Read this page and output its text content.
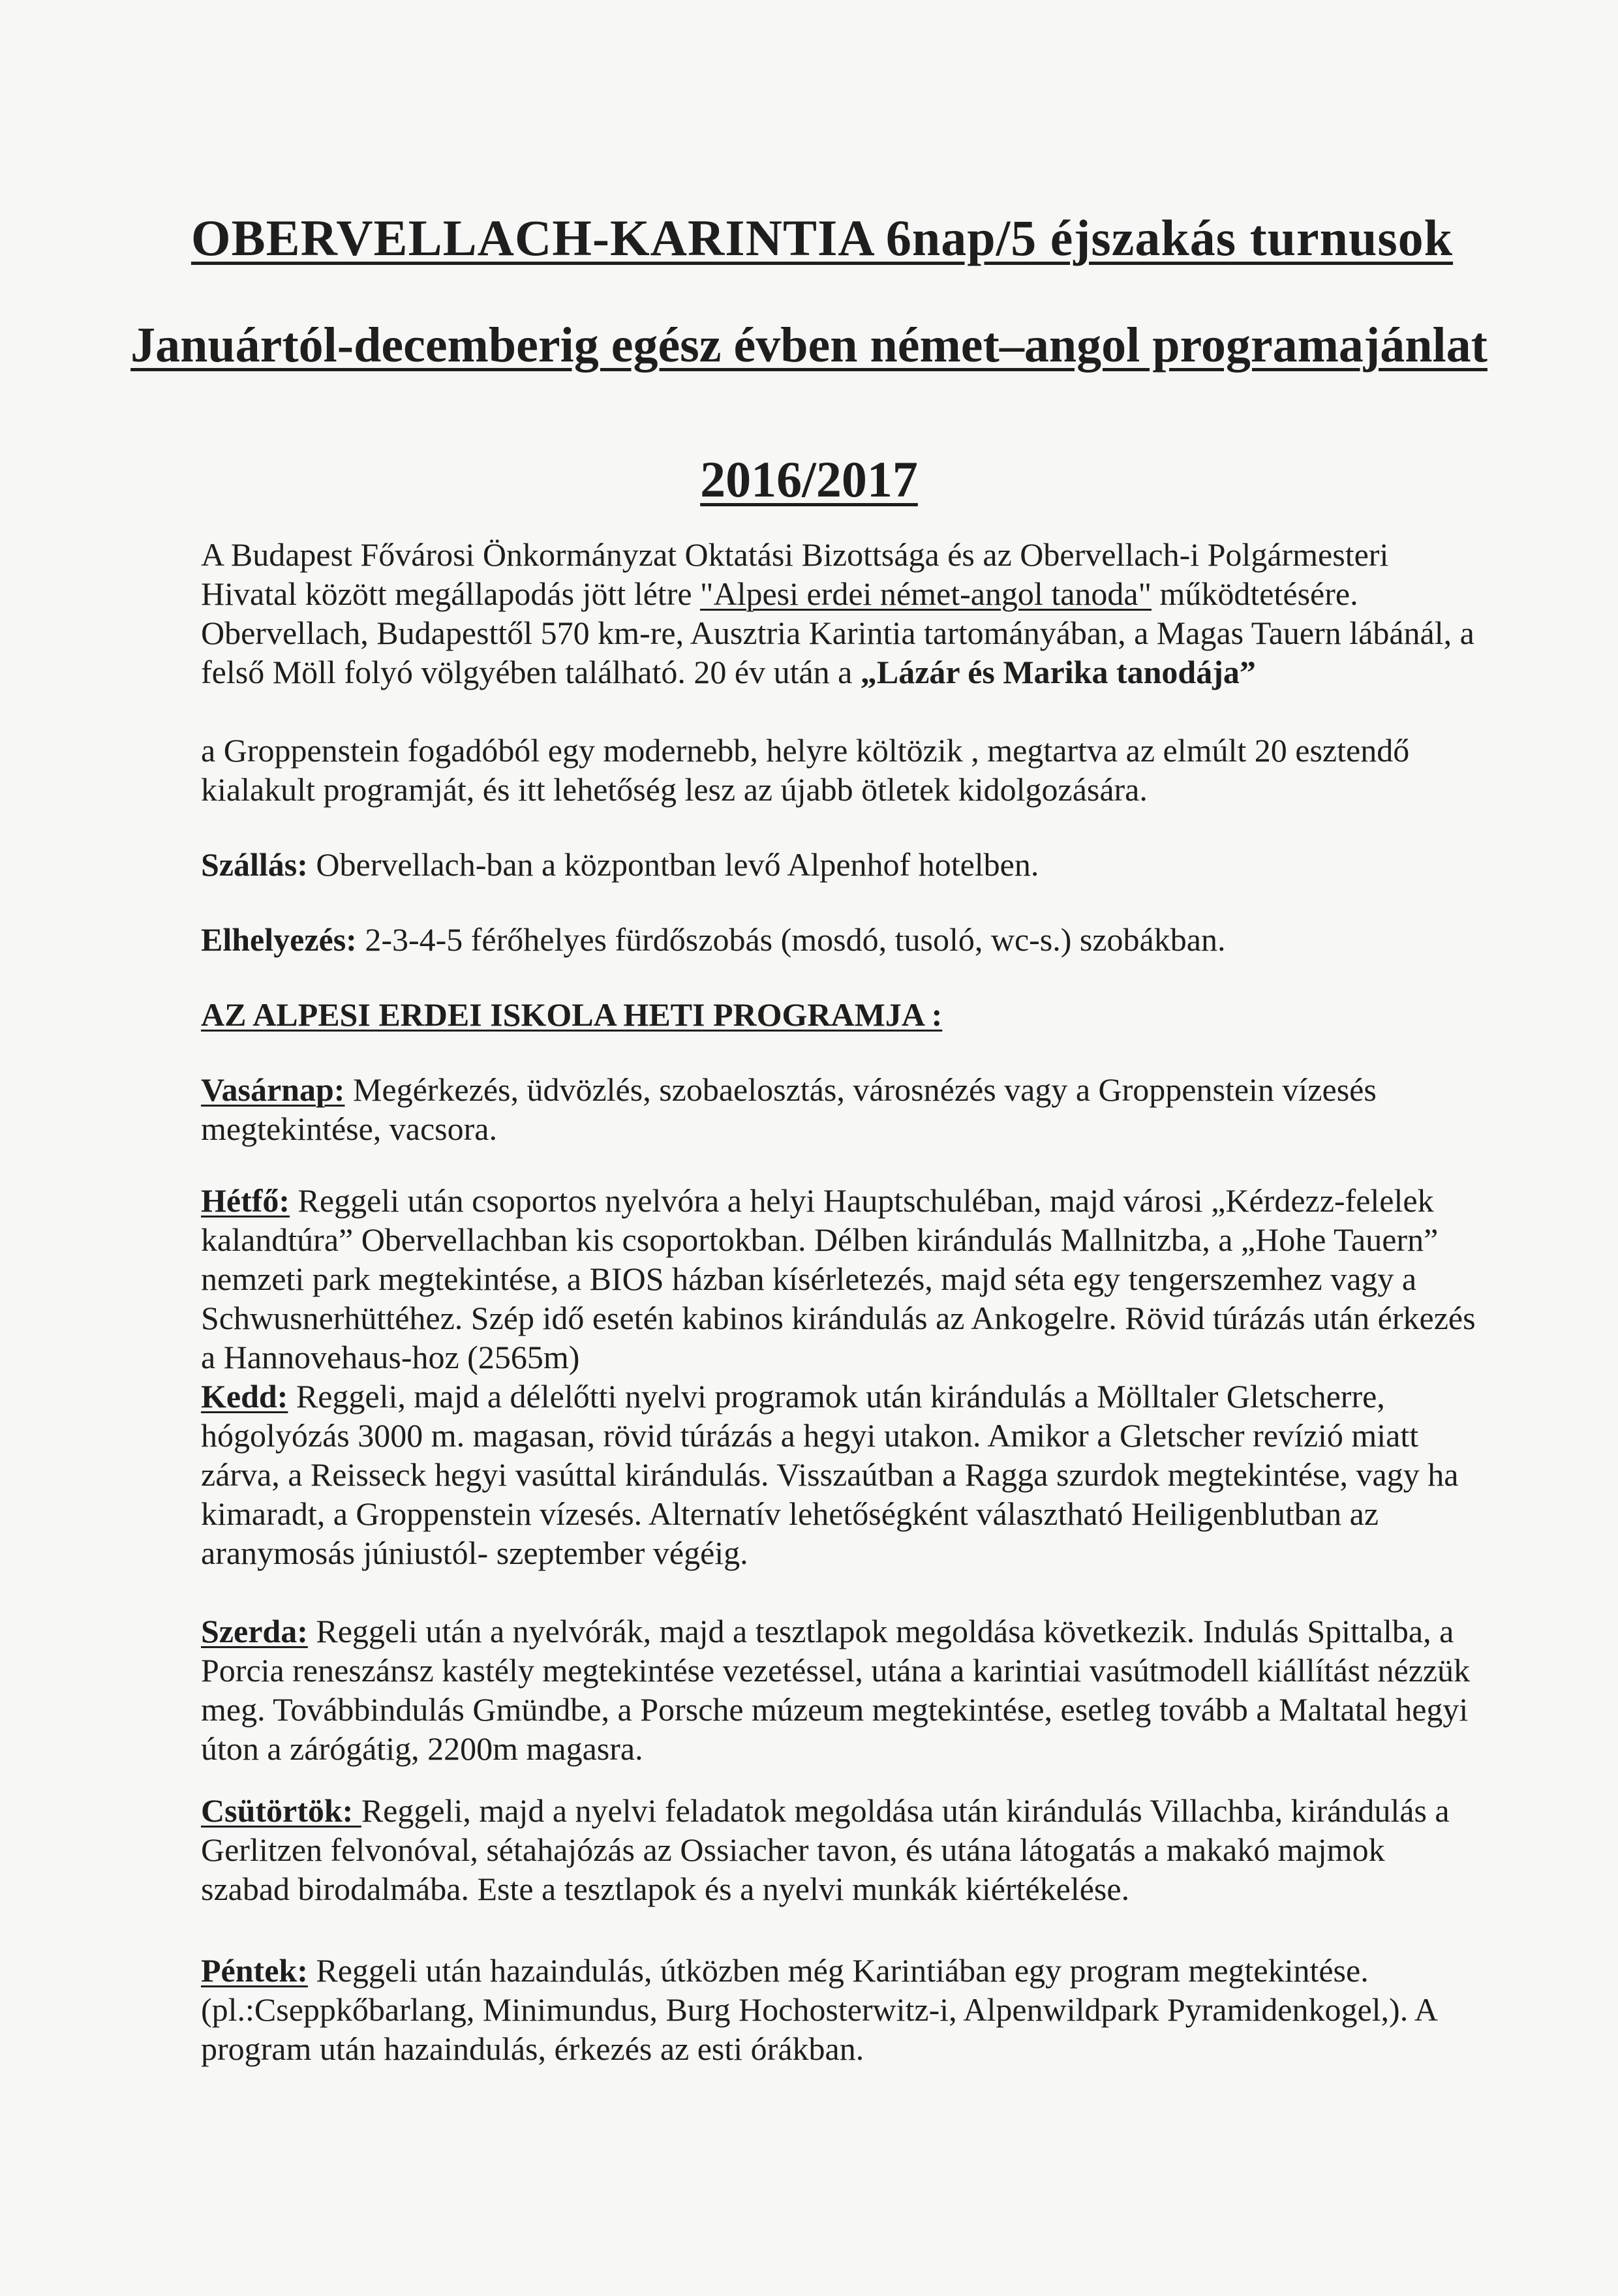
OBERVELLACH-KARINTIA 6nap/5 éjszakás turnusok
Januártól-decemberig egész évben német–angol programajánlat
2016/2017

A Budapest Fővárosi Önkormányzat Oktatási Bizottsága és az Obervellach-i Polgármesteri Hivatal között megállapodás jött létre "Alpesi erdei német-angol tanoda" működtetésére. Obervellach, Budapesttől 570 km-re, Ausztria Karintia tartományában, a Magas Tauern lábánál, a felső Möll folyó völgyében található. 20 év után a „Lázár és Marika tanodája”

a Groppenstein fogadóból egy modernebb, helyre költözik , megtartva az elmúlt 20 esztendő kialakult programját, és itt lehetőség lesz az újabb ötletek kidolgozására.

Szállás: Obervellach-ban a központban levő Alpenhof hotelben.

Elhelyezés: 2-3-4-5 férőhelyes fürdőszobás (mosdó, tusoló, wc-s.) szobákban.

AZ ALPESI ERDEI ISKOLA HETI PROGRAMJA :

Vasárnap: Megérkezés, üdvözlés, szobaelosztás, városnézés vagy a Groppenstein vízesés megtekintése, vacsora.

Hétfő: Reggeli után csoportos nyelvóra a helyi Hauptschuléban, majd városi „Kérdezz-felelek kalandtúra” Obervellachban kis csoportokban. Délben kirándulás Mallnitzba, a „Hohe Tauern” nemzeti park megtekintése, a BIOS házban kísérletezés, majd séta egy tengerszemhez vagy a Schwusnerhüttéhez. Szép idő esetén kabinos kirándulás az Ankogelre. Rövid túrázás után érkezés a Hannovehaus-hoz (2565m)

Kedd: Reggeli, majd a délelőtti nyelvi programok után kirándulás a Mölltaler Gletscherre, hógolyózás 3000 m. magasan, rövid túrázás a hegyi utakon. Amikor a Gletscher revízió miatt zárva, a Reisseck hegyi vasúttal kirándulás. Visszaútban a Ragga szurdok megtekintése, vagy ha kimaradt, a Groppenstein vízesés. Alternatív lehetőségként választható Heiligenblutban az aranymosás júniustól- szeptember végéig.

Szerda: Reggeli után a nyelvórák, majd a tesztlapok megoldása következik. Indulás Spittalba, a Porcia reneszánsz kastély megtekintése vezetéssel, utána a karintiai vasútmodell kiállítást nézzük meg. Továbbindulás Gmündbe, a Porsche múzeum megtekintése, esetleg tovább a Maltatal hegyi úton a zárógátig, 2200m magasra.

Csütörtök: Reggeli, majd a nyelvi feladatok megoldása után kirándulás Villachba, kirándulás a Gerlitzen felvonóval, sétahajózás az Ossiacher tavon, és utána látogatás a makakó majmok szabad birodalmába. Este a tesztlapok és a nyelvi munkák kiértékelése.

Péntek: Reggeli után hazaindulás, útközben még Karintiában egy program megtekintése. (pl.:Cseppkőbarlang, Minimundus, Burg Hochosterwitz-i, Alpenwildpark Pyramidenkogel,). A program után hazaindulás, érkezés az esti órákban.
